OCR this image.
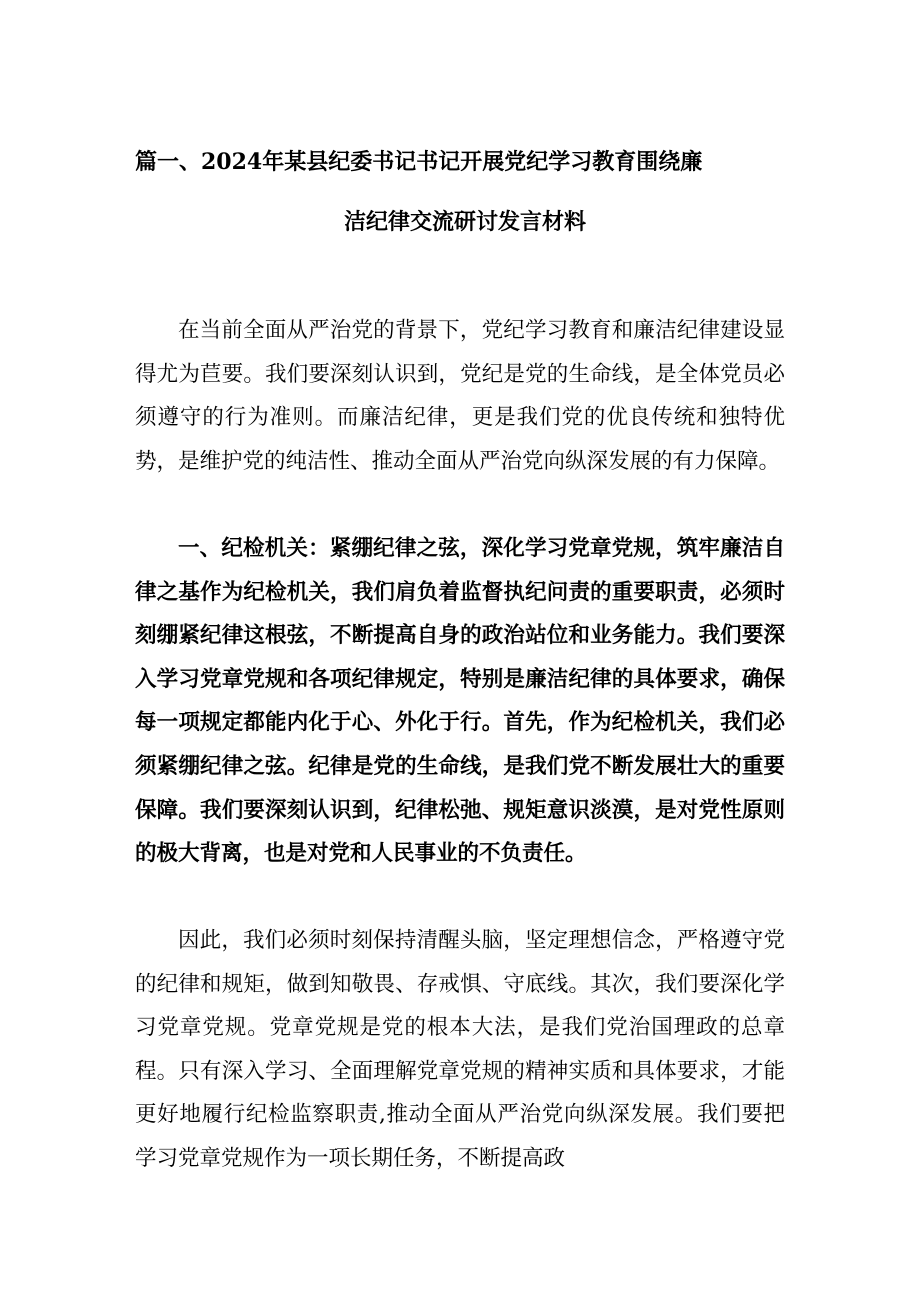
篇一、2024年某县纪委书记书记开展党纪学习教育围绕廉
洁纪律交流研讨发言材料

在当前全面从严治党的背景下，党纪学习教育和廉洁纪律建设显得尤为苣要。我们要深刻认识到，党纪是党的生命线，是全体党员必须遵守的行为准则。而廉洁纪律，更是我们党的优良传统和独特优势，是维护党的纯洁性、推动全面从严治党向纵深发展的有力保障。

一、纪检机关：紧绷纪律之弦，深化学习党章党规，筑牢廉洁自律之基作为纪检机关，我们肩负着监督执纪问责的重要职责，必须时刻绷紧纪律这根弦，不断提高自身的政治站位和业务能力。我们要深入学习党章党规和各项纪律规定，特别是廉洁纪律的具体要求，确保每一项规定都能内化于心、外化于行。首先，作为纪检机关，我们必须紧绷纪律之弦。纪律是党的生命线，是我们党不断发展壮大的重要保障。我们要深刻认识到，纪律松弛、规矩意识淡漠，是对党性原则的极大背离，也是对党和人民事业的不负责任。

因此，我们必须时刻保持清醒头脑，坚定理想信念，严格遵守党的纪律和规矩，做到知敬畏、存戒惧、守底线。其次，我们要深化学习党章党规。党章党规是党的根本大法，是我们党治国理政的总章程。只有深入学习、全面理解党章党规的精神实质和具体要求，才能更好地履行纪检监察职责,推动全面从严治党向纵深发展。我们要把学习党章党规作为一项长期任务，不断提高政
